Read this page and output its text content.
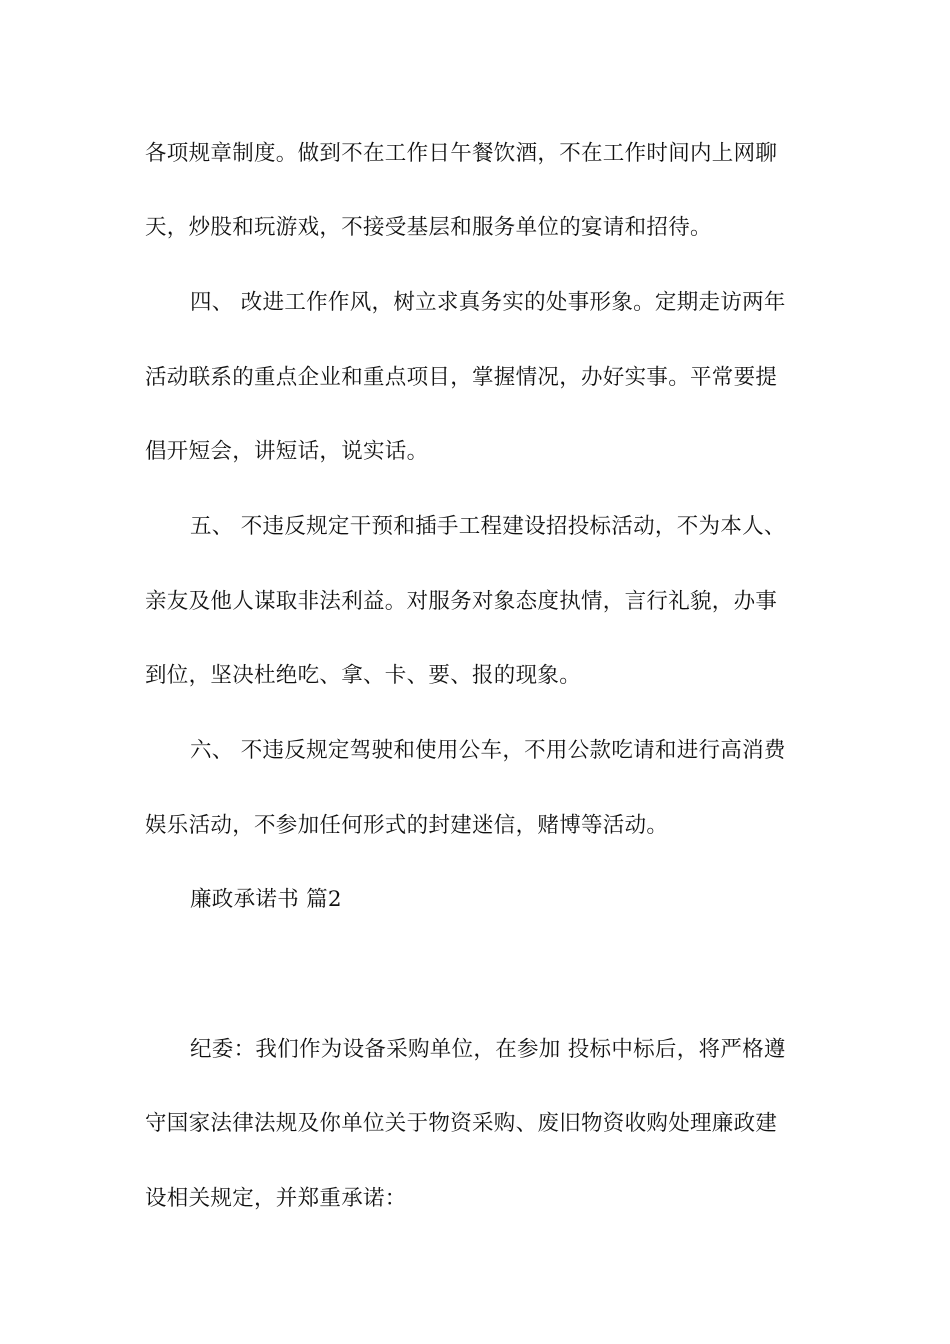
各项规章制度。做到不在工作日午餐饮酒，不在工作时间内上网聊
天，炒股和玩游戏，不接受基层和服务单位的宴请和招待。
四、 改进工作作风，树立求真务实的处事形象。定期走访两年
活动联系的重点企业和重点项目，掌握情况，办好实事。平常要提
倡开短会，讲短话，说实话。
五、 不违反规定干预和插手工程建设招投标活动，不为本人、
亲友及他人谋取非法利益。对服务对象态度执情，言行礼貌，办事
到位，坚决杜绝吃、拿、卡、要、报的现象。
六、 不违反规定驾驶和使用公车，不用公款吃请和进行高消费
娱乐活动，不参加任何形式的封建迷信，赌博等活动。
廉政承诺书 篇2
纪委：我们作为设备采购单位，在参加 投标中标后，将严格遵
守国家法律法规及你单位关于物资采购、废旧物资收购处理廉政建
设相关规定，并郑重承诺：
